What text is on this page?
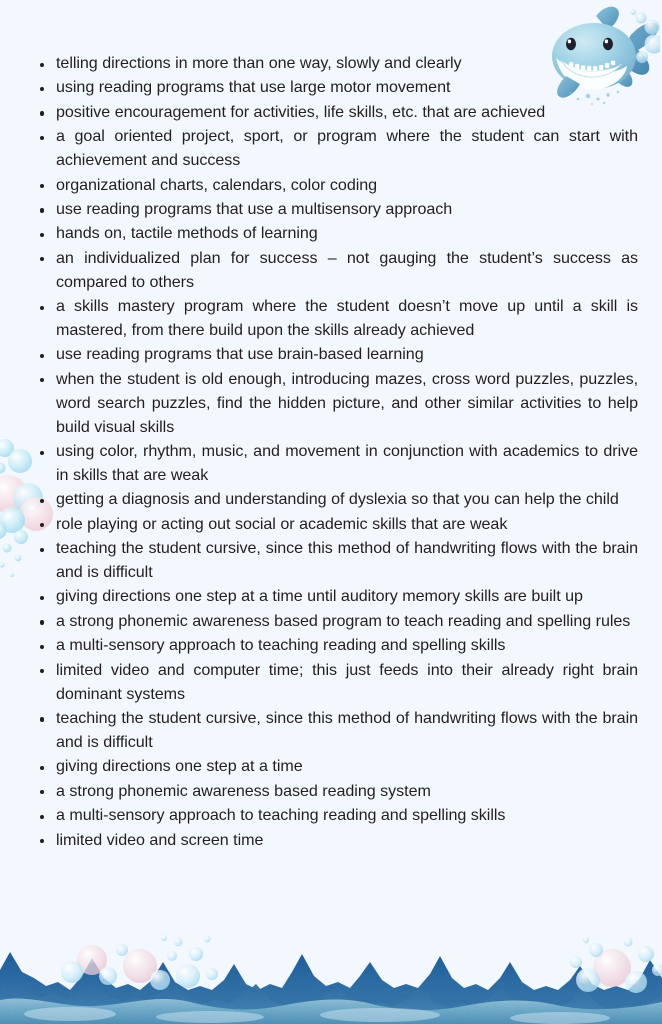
telling directions in more than one way, slowly and clearly
using reading programs that use large motor movement
positive encouragement for activities, life skills, etc. that are achieved
a goal oriented project, sport, or program where the student can start with achievement and success
organizational charts, calendars, color coding
use reading programs that use a multisensory approach
hands on, tactile methods of learning
an individualized plan for success – not gauging the student’s success as compared to others
a skills mastery program where the student doesn’t move up until a skill is mastered, from there build upon the skills already achieved
use reading programs that use brain-based learning
when the student is old enough, introducing mazes, cross word puzzles, puzzles, word search puzzles, find the hidden picture, and other similar activities to help build visual skills
using color, rhythm, music, and movement in conjunction with academics to drive in skills that are weak
getting a diagnosis and understanding of dyslexia so that you can help the child
role playing or acting out social or academic skills that are weak
teaching the student cursive, since this method of handwriting flows with the brain and is difficult
giving directions one step at a time until auditory memory skills are built up
a strong phonemic awareness based program to teach reading and spelling rules
a multi-sensory approach to teaching reading and spelling skills
limited video and computer time; this just feeds into their already right brain dominant systems
teaching the student cursive, since this method of handwriting flows with the brain and is difficult
giving directions one step at a time
a strong phonemic awareness based reading system
a multi-sensory approach to teaching reading and spelling skills
limited video and screen time
